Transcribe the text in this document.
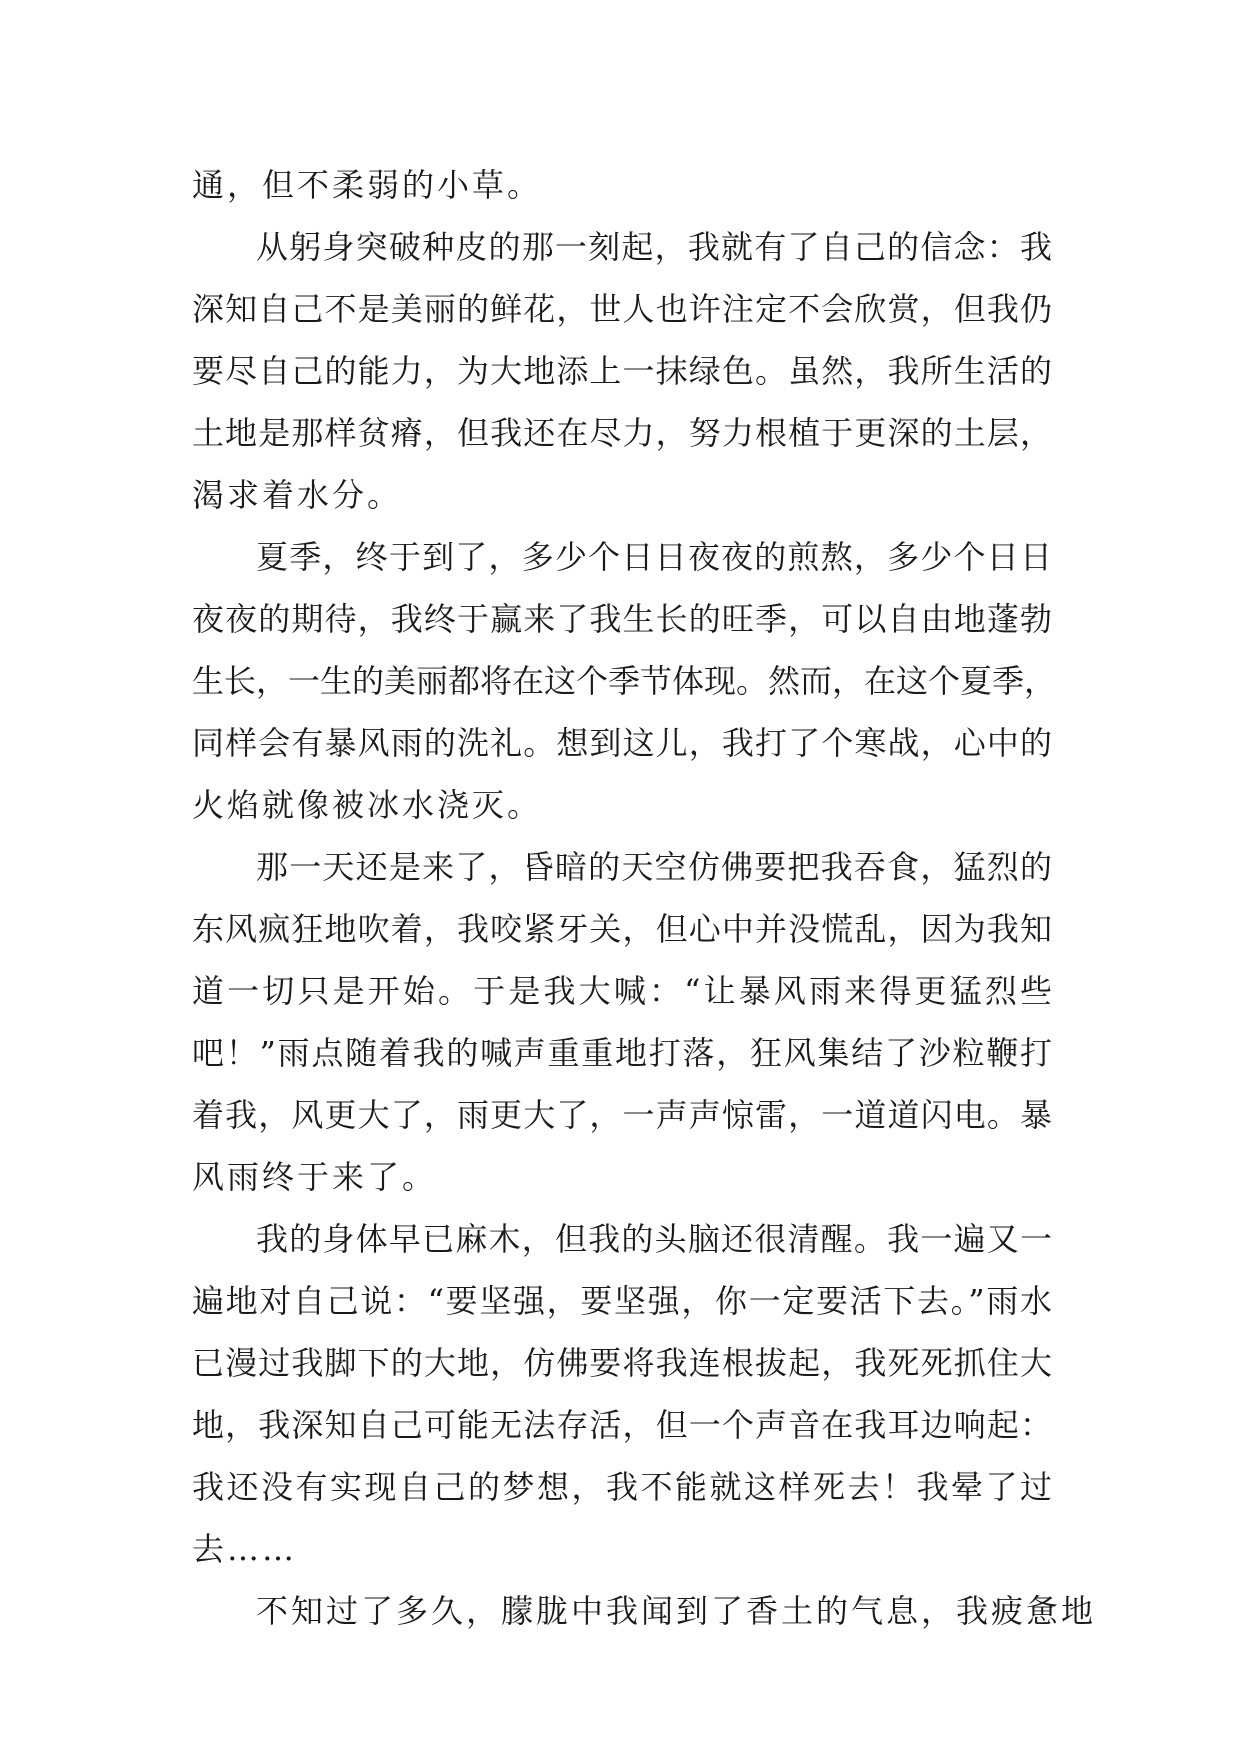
通，但不柔弱的小草。
从躬身突破种皮的那一刻起，我就有了自己的信念：我
深知自己不是美丽的鲜花，世人也许注定不会欣赏，但我仍
要尽自己的能力，为大地添上一抹绿色。虽然，我所生活的
土地是那样贫瘠，但我还在尽力，努力根植于更深的土层，
渴求着水分。
夏季，终于到了，多少个日日夜夜的煎熬，多少个日日
夜夜的期待，我终于赢来了我生长的旺季，可以自由地蓬勃
生长，一生的美丽都将在这个季节体现。然而，在这个夏季，
同样会有暴风雨的洗礼。想到这儿，我打了个寒战，心中的
火焰就像被冰水浇灭。
那一天还是来了，昏暗的天空仿佛要把我吞食，猛烈的
东风疯狂地吹着，我咬紧牙关，但心中并没慌乱，因为我知
道一切只是开始。于是我大喊：“让暴风雨来得更猛烈些
吧！”雨点随着我的喊声重重地打落，狂风集结了沙粒鞭打
着我，风更大了，雨更大了，一声声惊雷，一道道闪电。暴
风雨终于来了。
我的身体早已麻木，但我的头脑还很清醒。我一遍又一
遍地对自己说：“要坚强，要坚强，你一定要活下去。”雨水
已漫过我脚下的大地，仿佛要将我连根拔起，我死死抓住大
地，我深知自己可能无法存活，但一个声音在我耳边响起：
我还没有实现自己的梦想，我不能就这样死去！我晕了过
去……
不知过了多久，朦胧中我闻到了香土的气息，我疲惫地
